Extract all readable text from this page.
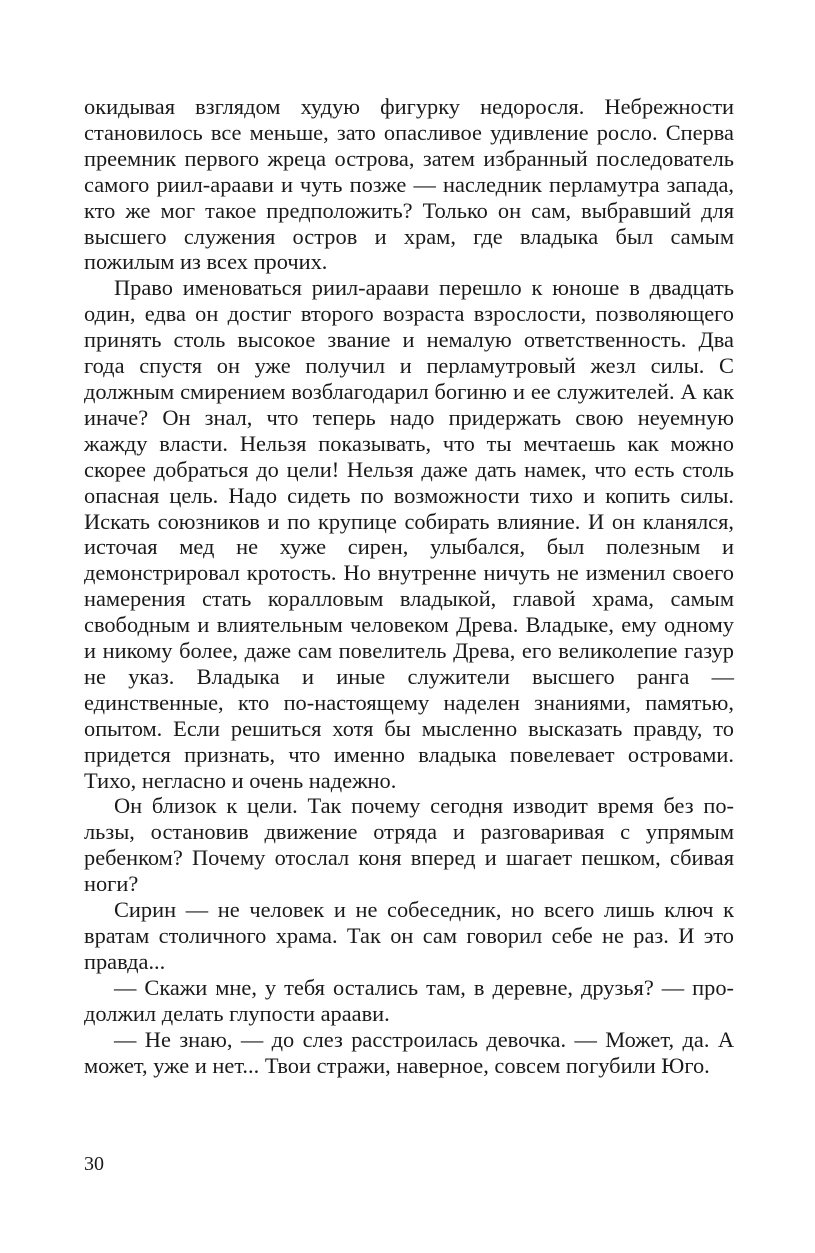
окидывая взглядом худую фигурку недоросля. Небрежности становилось все меньше, зато опасливое удивление росло. Сперва преемник первого жреца острова, затем избранный последователь самого риил-араави и чуть позже — наследник перламутра запада, кто же мог такое предположить? Только он сам, выбравший для высшего служения остров и храм, где владыка был самым пожилым из всех прочих.

Право именоваться риил-араави перешло к юноше в двадцать один, едва он достиг второго возраста взрослости, позволяющего принять столь высокое звание и немалую ответственность. Два года спустя он уже получил и перламутровый жезл силы. С должным смирением возблагодарил богиню и ее служителей. А как иначе? Он знал, что теперь надо придержать свою неуемную жажду власти. Нельзя показывать, что ты мечтаешь как можно скорее добраться до цели! Нельзя даже дать намек, что есть столь опасная цель. Надо сидеть по возможности тихо и копить силы. Искать союзников и по крупице собирать влияние. И он кланялся, источая мед не хуже сирен, улыбался, был полезным и демонстрировал кротость. Но внутренне ничуть не изменил своего намерения стать коралловым владыкой, главой храма, самым свободным и влиятельным человеком Древа. Владыке, ему одному и никому более, даже сам повелитель Древа, его великолепие газур не указ. Владыка и иные служители высшего ранга — единственные, кто по-настоящему наделен знаниями, памятью, опытом. Если решиться хотя бы мысленно высказать правду, то придется признать, что именно владыка повелевает островами. Тихо, негласно и очень надежно.

Он близок к цели. Так почему сегодня изводит время без пользы, остановив движение отряда и разговаривая с упрямым ребенком? Почему отослал коня вперед и шагает пешком, сбивая ноги?

Сирин — не человек и не собеседник, но всего лишь ключ к вратам столичного храма. Так он сам говорил себе не раз. И это правда...

— Скажи мне, у тебя остались там, в деревне, друзья? — продолжил делать глупости араави.

— Не знаю, — до слез расстроилась девочка. — Может, да. А может, уже и нет... Твои стражи, наверное, совсем погубили Юго.

30
